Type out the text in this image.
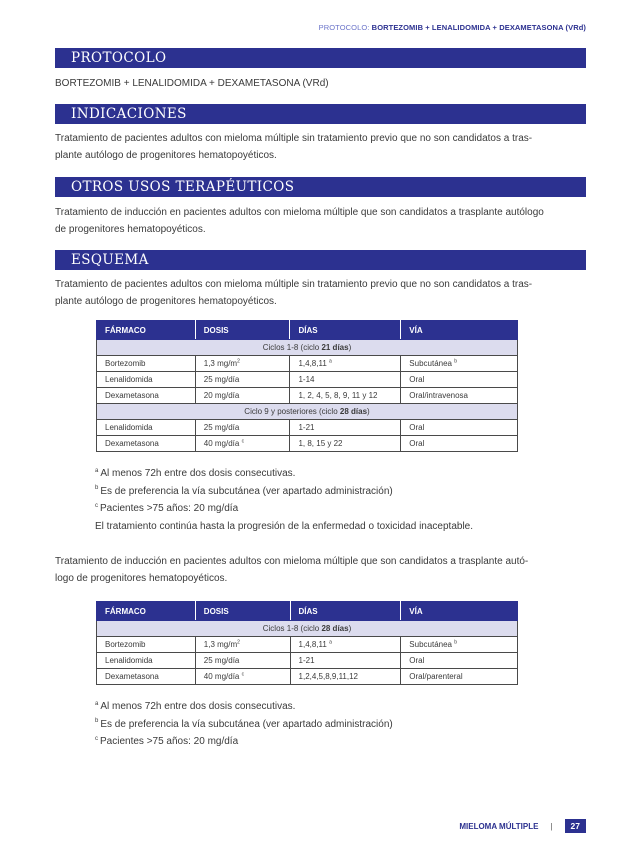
PROTOCOLO: BORTEZOMIB + LENALIDOMIDA + DEXAMETASONA (VRd)
PROTOCOLO
BORTEZOMIB + LENALIDOMIDA + DEXAMETASONA (VRd)
INDICACIONES
Tratamiento de pacientes adultos con mieloma múltiple sin tratamiento previo que no son candidatos a tras-
plante autólogo de progenitores hematopoyéticos.
OTROS USOS TERAPÉUTICOS
Tratamiento de inducción en pacientes adultos con mieloma múltiple que son candidatos a trasplante autólogo
de progenitores hematopoyéticos.
ESQUEMA
Tratamiento de pacientes adultos con mieloma múltiple sin tratamiento previo que no son candidatos a tras-
plante autólogo de progenitores hematopoyéticos.
FÁRMACO	DOSIS	DÍAS	VÍA
Ciclos 1-8 (ciclo 21 días)			
Bortezomib	1,3 $mg/m^2$	1,4,8,11 $^a$	Subcutánea $^b$
Lenalidomida	25 mg/día	1-14	Oral
Dexametasona	20 mg/día	1, 2, 4, 5, 8, 9, 11 y 12	Oral/intravenosa
Ciclo 9 y posteriores (ciclo 28 días)			
Lenalidomida	25 mg/día	1-21	Oral
Dexametasona	40 mg/día $^c$	1, 8, 15 y 22	Oral
$^a$ Al menos 72h entre dos dosis consecutivas.
$^b$ Es de preferencia la vía subcutánea (ver apartado administración)
$^c$ Pacientes >75 años: 20 mg/día
El tratamiento continúa hasta la progresión de la enfermedad o toxicidad inaceptable.
Tratamiento de inducción en pacientes adultos con mieloma múltiple que son candidatos a trasplante autó-
logo de progenitores hematopoyéticos.
FÁRMACO	DOSIS	DÍAS	VÍA
Ciclos 1-8 (ciclo 28 días)			
Bortezomib	1,3 $mg/m^2$	1,4,8,11 $^a$	Subcutánea $^b$
Lenalidomida	25 mg/día	1-21	Oral
Dexametasona	40 mg/día $^c$	1,2,4,5,8,9,11,12	Oral/parenteral
$^a$ Al menos 72h entre dos dosis consecutivas.
$^b$ Es de preferencia la vía subcutánea (ver apartado administración)
$^c$ Pacientes >75 años: 20 mg/día
MIELOMA MÚLTIPLE |	27
